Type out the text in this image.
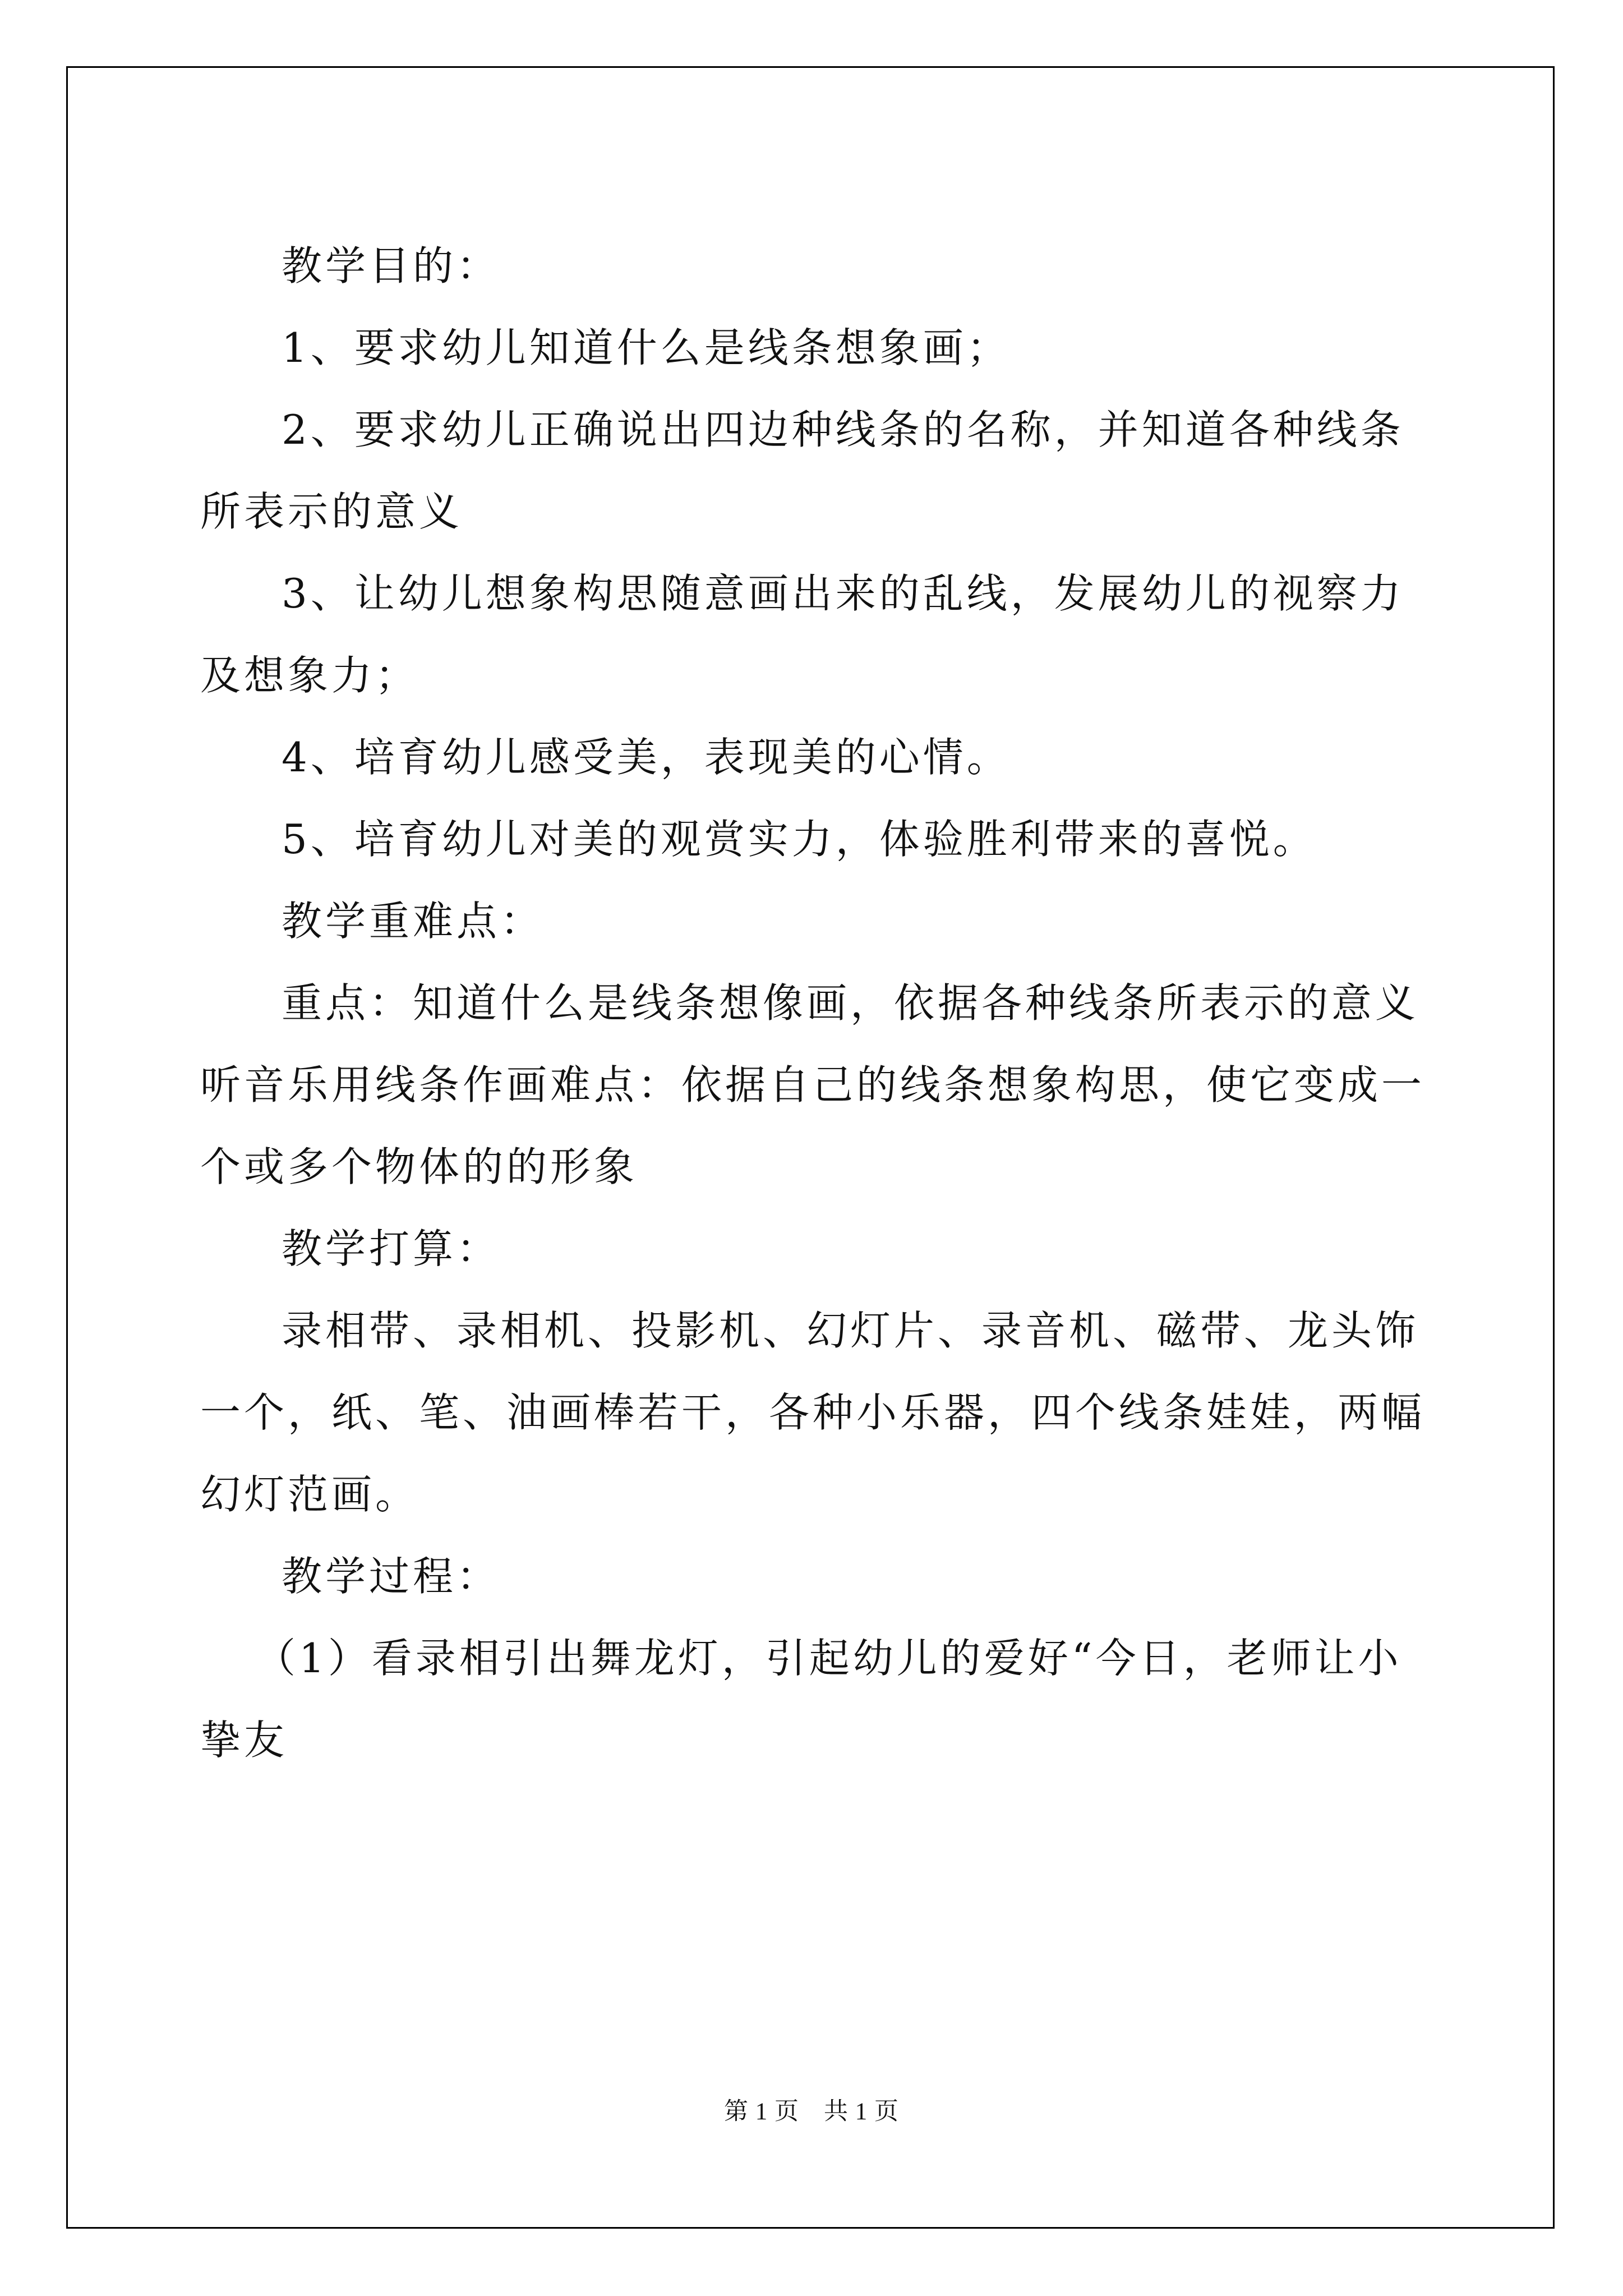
教学目的：

1、要求幼儿知道什么是线条想象画；

2、要求幼儿正确说出四边种线条的名称，并知道各种线条所表示的意义

3、让幼儿想象构思随意画出来的乱线，发展幼儿的视察力及想象力；

4、培育幼儿感受美，表现美的心情。

5、培育幼儿对美的观赏实力，体验胜利带来的喜悦。

教学重难点：

重点：知道什么是线条想像画，依据各种线条所表示的意义听音乐用线条作画难点：依据自己的线条想象构思，使它变成一个或多个物体的的形象

教学打算：

录相带、录相机、投影机、幻灯片、录音机、磁带、龙头饰一个，纸、笔、油画棒若干，各种小乐器，四个线条娃娃，两幅幻灯范画。

教学过程：

（1）看录相引出舞龙灯，引起幼儿的爱好“今日，老师让小挚友

第 1 页　共 1 页
